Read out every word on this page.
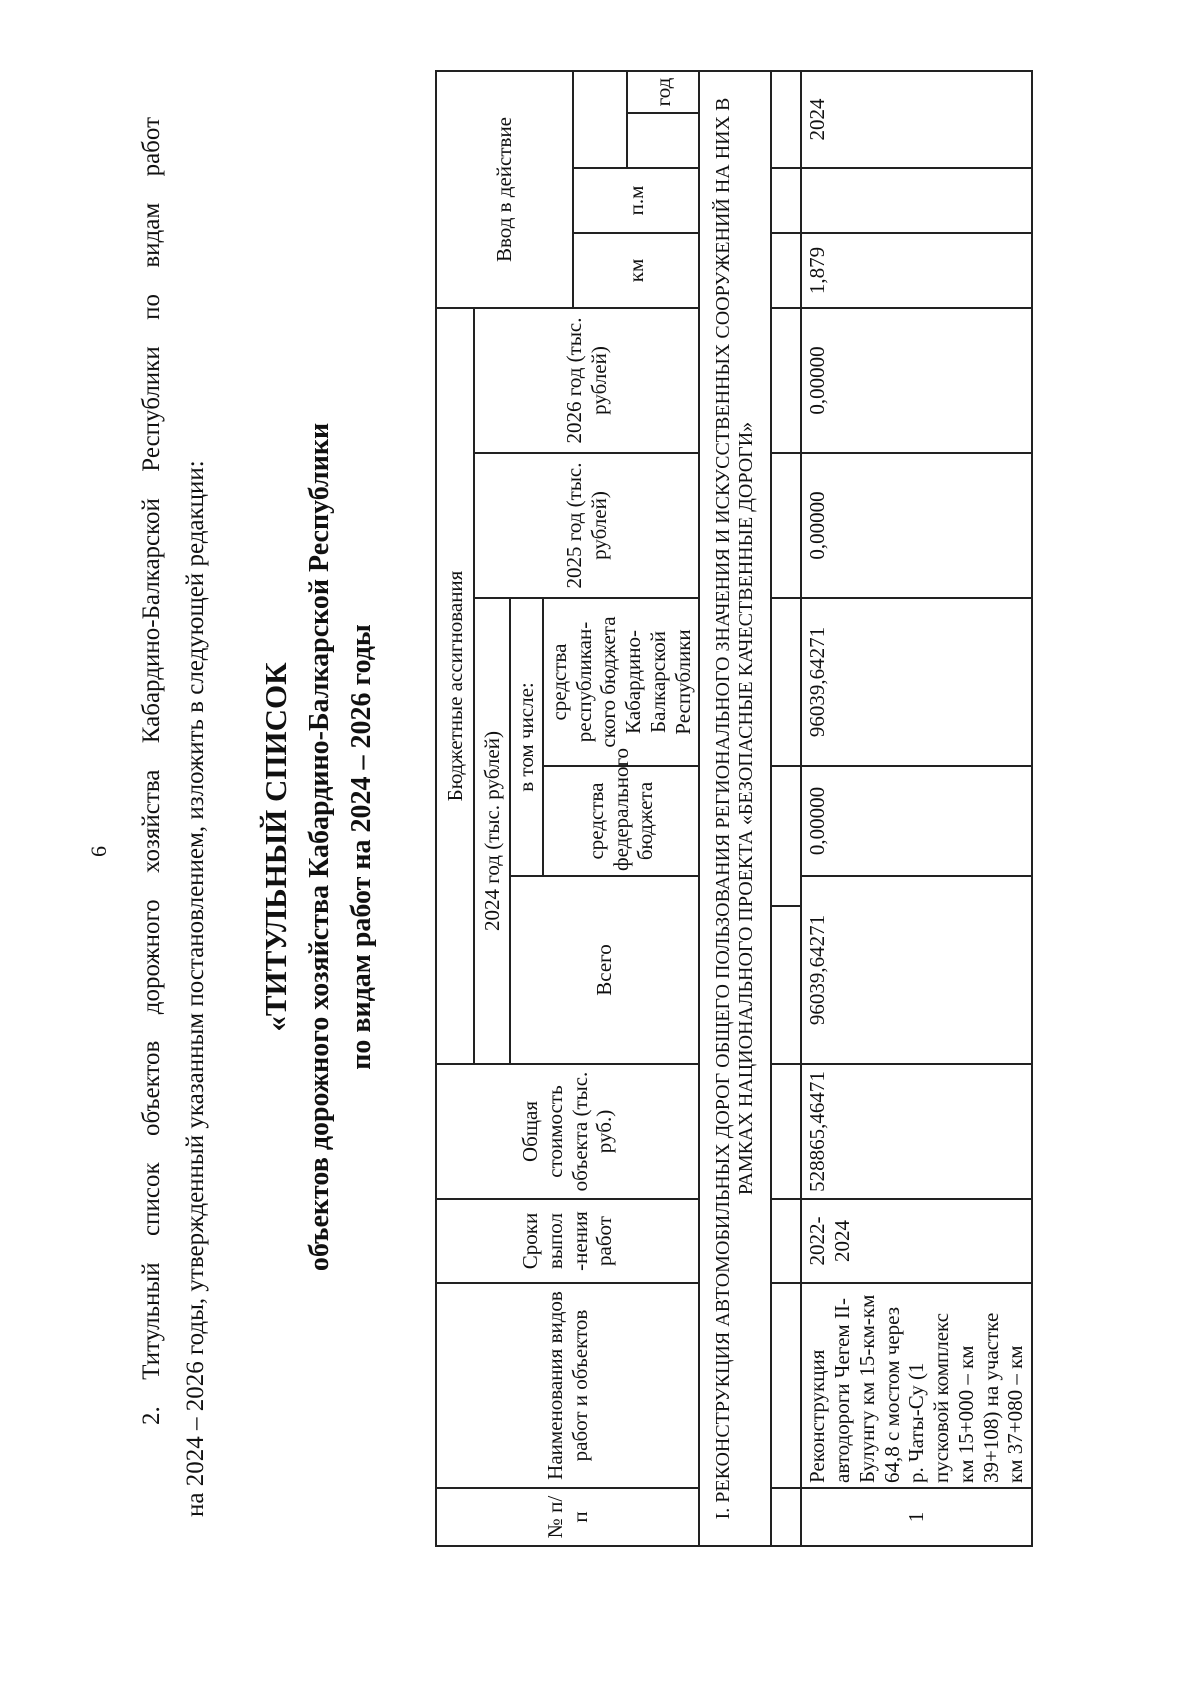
6	2. Титульный список объектов дорожного хозяйства Кабардино-Балкарской Республики по видам работ на 2024 – 2026 годы, утвержденный указанным постановлением, изложить в следующей редакции: «ТИТУЛЬНЫЙ СПИСОК объектов дорожного хозяйства Кабардино-Балкарской Республики по видам работ на 2024 – 2026 годы
№ п/п	Наименования видов работ и объектов	Сроки выпол -нения работ	Общая стоимость объекта (тыс. руб.)	Бюджетные ассигнования						Ввод в действие			
				2024 год (тыс. рублей)				2025 год (тыс. рублей)	2026 год (тыс. рублей)				
				Всего		в том числе:							
						средства федерального бюджета	средства республикан-ского бюджета Кабардино-Балкарской Республики						
										км	п.м		
													год
I. РЕКОНСТРУКЦИЯ АВТОМОБИЛЬНЫХ ДОРОГ ОБЩЕГО ПОЛЬЗОВАНИЯ РЕГИОНАЛЬНОГО ЗНАЧЕНИЯ И ИСКУССТВЕННЫХ СООРУЖЕНИЙ НА НИХ В РАМКАХ НАЦИОНАЛЬНОГО ПРОЕКТА «БЕЗОПАСНЫЕ КАЧЕСТВЕННЫЕ ДОРОГИ»													

1	Реконструкция автодороги Чегем II-Булунгу км 15-км-км 64,8 с мостом через р. Чаты-Су (1 пусковой комплекс км 15+000 – км 39+108) на участке км 37+080 – км	2022-2024	528865,46471	96039,64271		0,00000	96039,64271	0,00000	0,00000	1,879		2024	
